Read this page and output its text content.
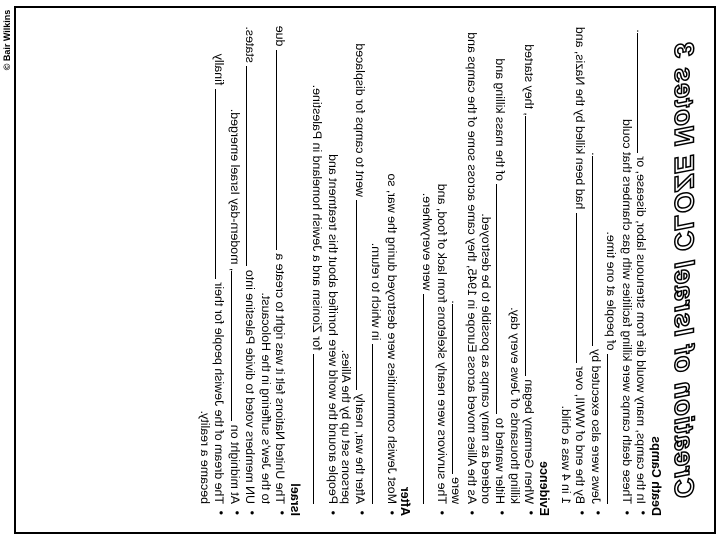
© Bair Wilkins
Creation of Israel CLOZE Notes 3
Death Camps
• In the camps, many would die from strenuous labor, disease, or .
• These death camps were killing facilities with gas chambers that could  of people at one time.
• Jews were also executed by .
• By the end of WWII, over  had been killed by the Nazis, and 1 in 4 was a child.
Evidence
• When Germany began , they started killing thousands of Jews every day.
• Hitler wanted to  of the mass killing and ordered as many camps as possible to be destroyed.
• As the Allies moved across Europe in 1945, they came across some of the camps and were .
• The survivors were nearly skeletons from lack of food, and  were everywhere.
After
• Most Jewish communities were destroyed during the war, so  in which to return.
• After the war, nearly  went to camps for displaced persons set up by the Allies.
• People around the world were horrified about this treatment and  for Zionism and a Jewish homeland in Palestine.
Israel
• The United Nations felt it was right to create a  due to the Jew's suffering in the Holocaust.
• UN members voted to divide Palestine into  states.
• At midnight on , modern-day Israel emerged.
• The dream of the Jewish people for their  finally became a reality.
